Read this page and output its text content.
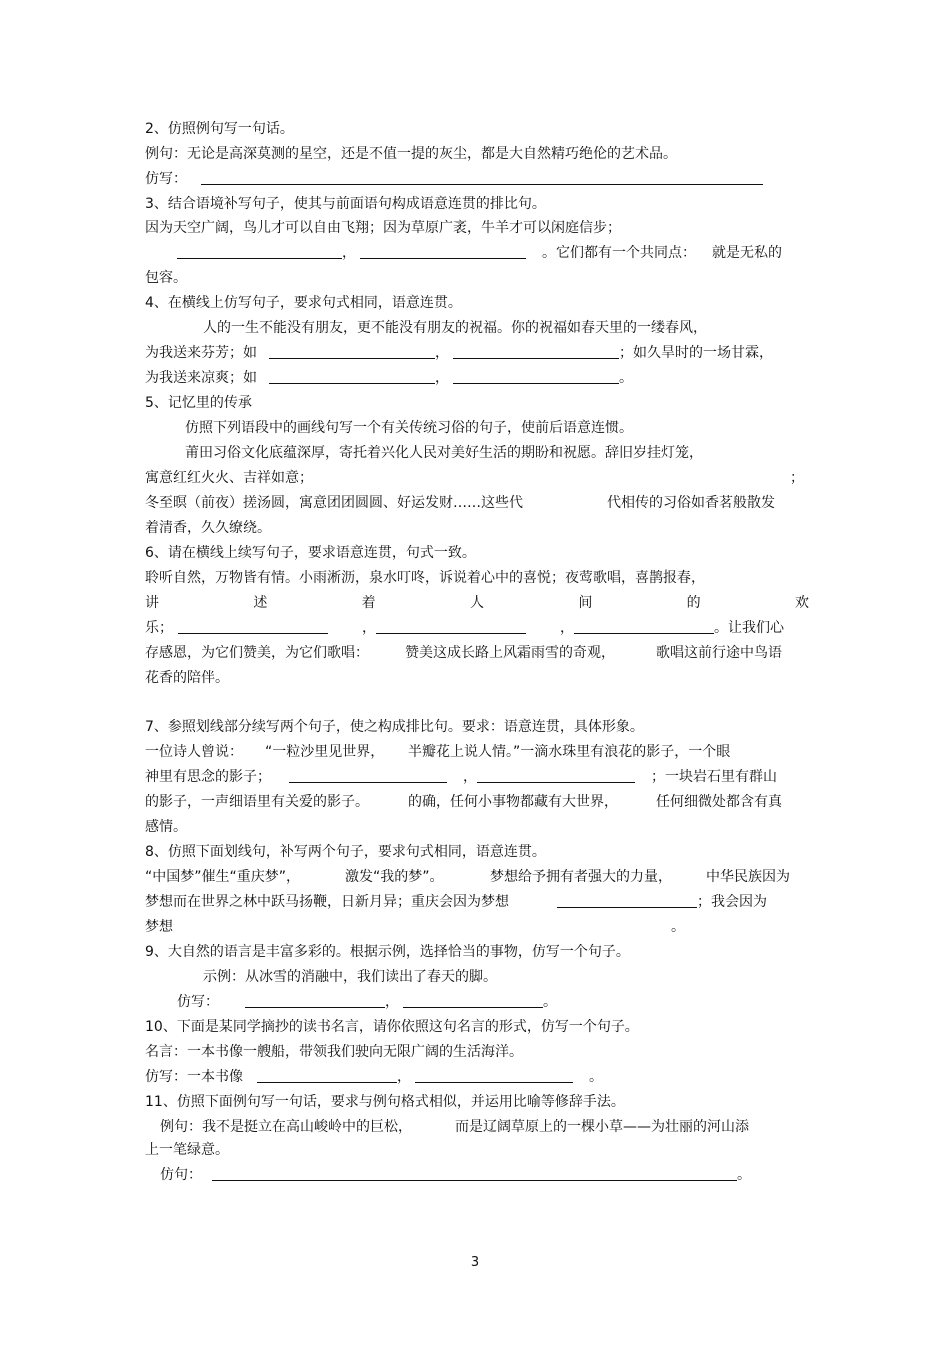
2、仿照例句写一句话。
例句：无论是高深莫测的星空，还是不值一提的灰尘，都是大自然精巧绝伦的艺术品。
仿写：
3、结合语境补写句子，使其与前面语句构成语意连贯的排比句。
因为天空广阔，鸟儿才可以自由飞翔；因为草原广袤，牛羊才可以闲庭信步；
，	。它们都有一个共同点： 就是无私的
包容。
4、在横线上仿写句子，要求句式相同，语意连贯。
人的一生不能没有朋友，更不能没有朋友的祝福。你的祝福如春天里的一缕春风，
为我送来芬芳；如	，	；如久旱时的一场甘霖，
为我送来凉爽；如	，	。
5、记忆里的传承
仿照下列语段中的画线句写一个有关传统习俗的句子，使前后语意连惯。
莆田习俗文化底蕴深厚，寄托着兴化人民对美好生活的期盼和祝愿。辞旧岁挂灯笼，
寓意红红火火、吉祥如意；	；
冬至暝（前夜）搓汤圆，寓意团团圆圆、好运发财……这些代	代相传的习俗如香茗般散发
着清香，久久缭绕。
6、请在横线上续写句子，要求语意连贯，句式一致。
聆听自然，万物皆有情。小雨淅沥，泉水叮咚，诉说着心中的喜悦；夜莺歌唱，喜鹊报春，
讲	述	着	人	间	的	欢
乐；	，	，	。让我们心
存感恩，为它们赞美，为它们歌唱：	赞美这成长路上风霜雨雪的奇观，	歌唱这前行途中鸟语
花香的陪伴。
7、参照划线部分续写两个句子，使之构成排比句。要求：语意连贯，具体形象。
一位诗人曾说： “一粒沙里见世界， 半瓣花上说人情。”一滴水珠里有浪花的影子，一个眼
神里有思念的影子；	，	；一块岩石里有群山
的影子，一声细语里有关爱的影子。	的确，任何小事物都藏有大世界，	任何细微处都含有真
感情。
8、仿照下面划线句，补写两个句子，要求句式相同，语意连贯。
“中国梦”催生“重庆梦”，	激发“我的梦”。	梦想给予拥有者强大的力量， 中华民族因为
梦想而在世界之林中跃马扬鞭，日新月异；重庆会因为梦想	；我会因为
梦想	。
9、大自然的语言是丰富多彩的。根据示例，选择恰当的事物，仿写一个句子。
示例：从冰雪的消融中，我们读出了春天的脚。
仿写：	，	。
10、下面是某同学摘抄的读书名言，请你依照这句名言的形式，仿写一个句子。
名言：一本书像一艘船，带领我们驶向无限广阔的生活海洋。
仿写：一本书像	，	。
11、仿照下面例句写一句话，要求与例句格式相似，并运用比喻等修辞手法。
例句：我不是挺立在高山峻岭中的巨松，	而是辽阔草原上的一棵小草——为壮丽的河山添
上一笔绿意。
仿句：	。
3
